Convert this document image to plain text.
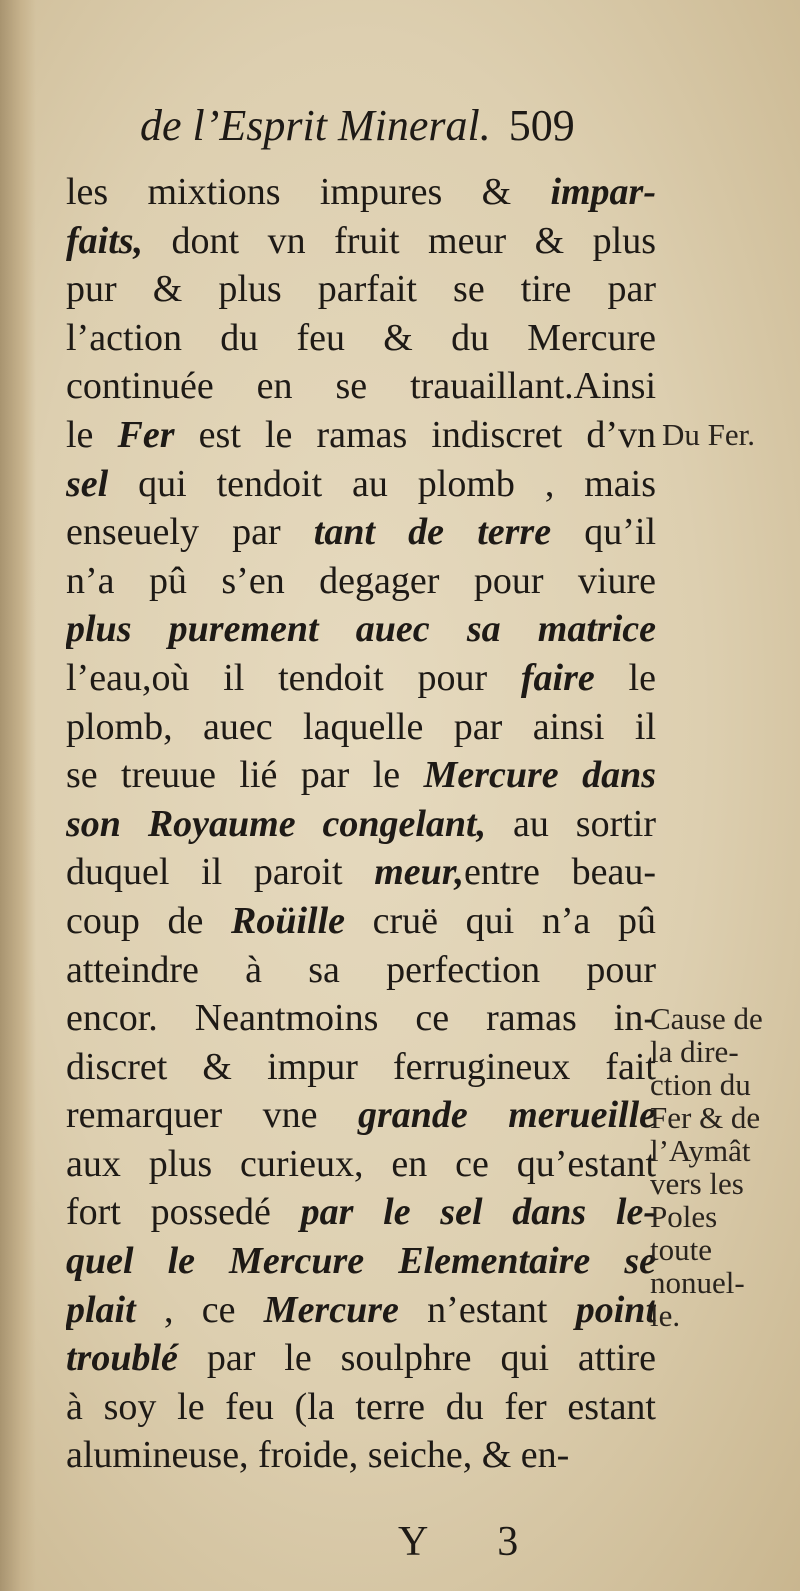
de l’Esprit Mineral. 509
les mixtions impures & impar-
faits, dont vn fruit meur & plus
pur & plus parfait se tire par
l’action du feu & du Mercure
continuée en se trauaillant.Ainsi
le Fer est le ramas indiscret d’vn
sel qui tendoit au plomb , mais
enseuely par tant de terre qu’il
n’a pû s’en degager pour viure
plus purement auec sa matrice
l’eau,où il tendoit pour faire le
plomb, auec laquelle par ainsi il
se treuue lié par le Mercure dans
son Royaume congelant, au sortir
duquel il paroit meur,entre beau-
coup de Roüille cruë qui n’a pû
atteindre à sa perfection pour
encor. Neantmoins ce ramas in-
discret & impur ferrugineux fait
remarquer vne grande merueille
aux plus curieux, en ce qu’estant
fort possedé par le sel dans le-
quel le Mercure Elementaire se
plait , ce Mercure n’estant point
troublé par le soulphre qui attire
à soy le feu (la terre du fer estant
alumineuse, froide, seiche, & en-
Du Fer.
Cause de
la dire-
ction du
Fer & de
l’Aymât
vers les
Poles
toute
nonuel-
le.
Y 3
